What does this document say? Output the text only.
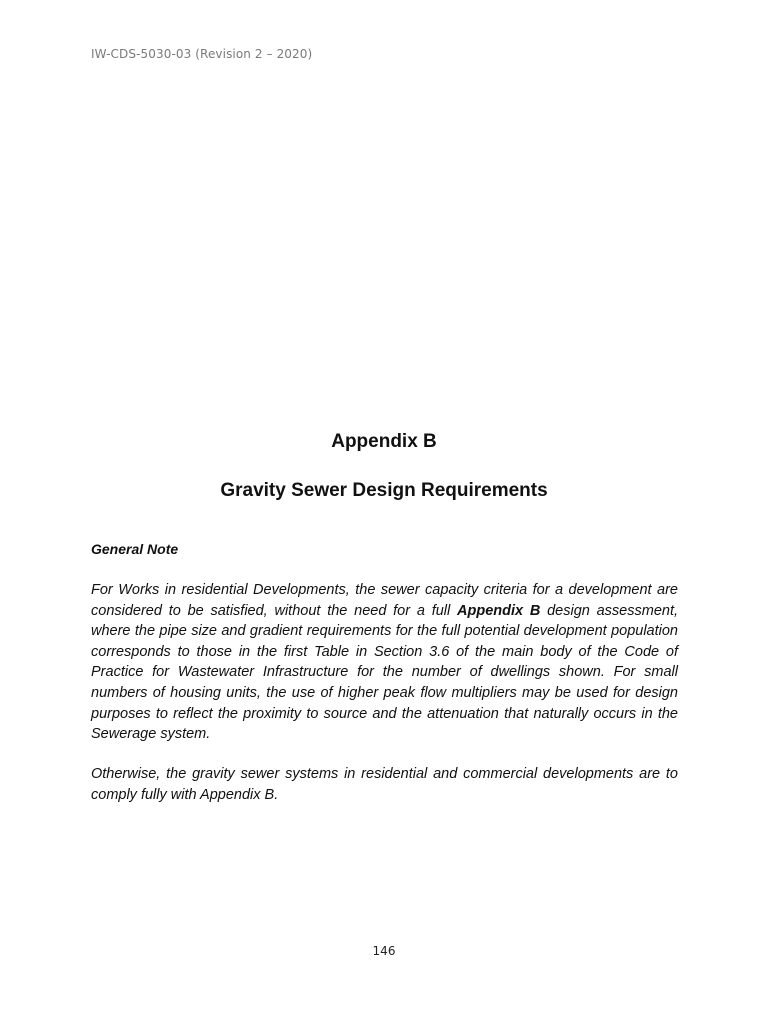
IW-CDS-5030-03 (Revision 2 – 2020)
Appendix B
Gravity Sewer Design Requirements
General Note

For Works in residential Developments, the sewer capacity criteria for a development are considered to be satisfied, without the need for a full Appendix B design assessment, where the pipe size and gradient requirements for the full potential development population corresponds to those in the first Table in Section 3.6 of the main body of the Code of Practice for Wastewater Infrastructure for the number of dwellings shown. For small numbers of housing units, the use of higher peak flow multipliers may be used for design purposes to reflect the proximity to source and the attenuation that naturally occurs in the Sewerage system.

Otherwise, the gravity sewer systems in residential and commercial developments are to comply fully with Appendix B.

146
